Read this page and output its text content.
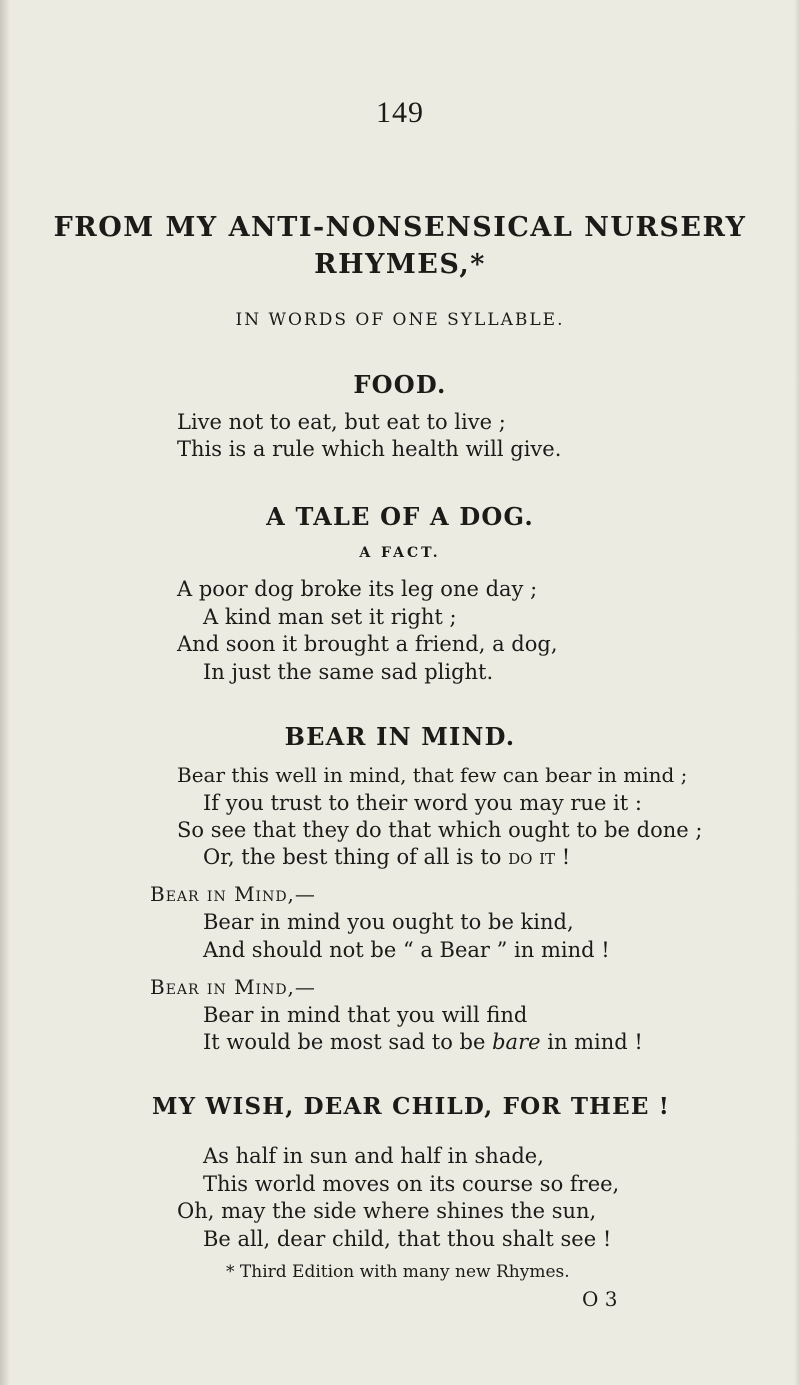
149
FROM MY ANTI-NONSENSICAL NURSERY
RHYMES,*
IN WORDS OF ONE SYLLABLE.
FOOD.
Live not to eat, but eat to live ;
This is a rule which health will give.
A TALE OF A DOG.
A FACT.
A poor dog broke its leg one day ;
A kind man set it right ;
And soon it brought a friend, a dog,
In just the same sad plight.
BEAR IN MIND.
Bear this well in mind, that few can bear in mind ;
If you trust to their word you may rue it :
So see that they do that which ought to be done ;
Or, the best thing of all is to do it !
Bear in Mind,—
Bear in mind you ought to be kind,
And should not be “ a Bear ” in mind !
Bear in Mind,—
Bear in mind that you will find
It would be most sad to be bare in mind !
MY WISH, DEAR CHILD, FOR THEE !
As half in sun and half in shade,
This world moves on its course so free,
Oh, may the side where shines the sun,
Be all, dear child, that thou shalt see !
* Third Edition with many new Rhymes.
O 3
